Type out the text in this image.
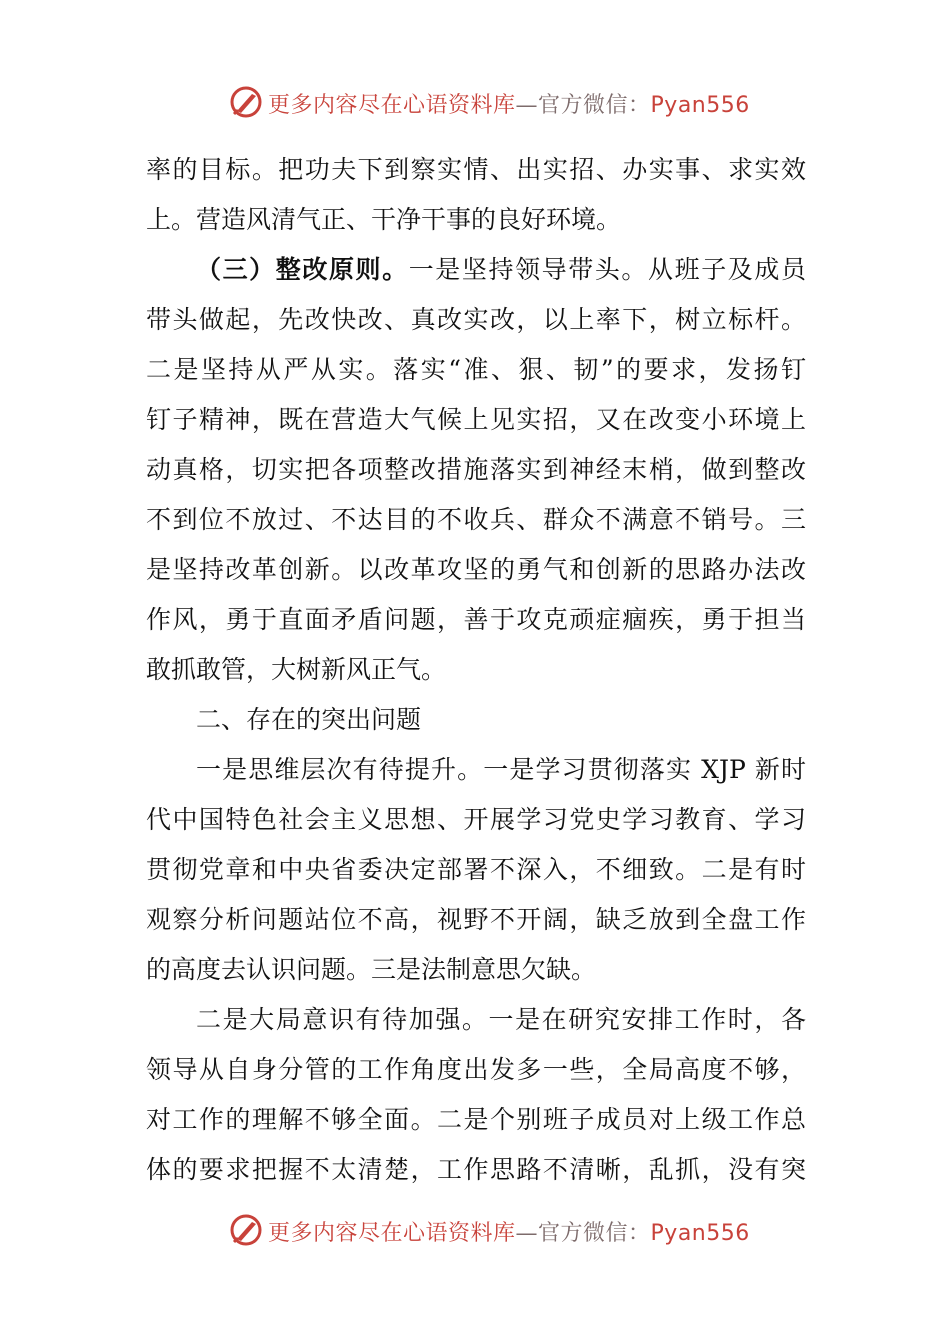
更多内容尽在心语资料库—官方微信：Pyan556
率的目标。把功夫下到察实情、出实招、办实事、求实效
上。营造风清气正、干净干事的良好环境。
（三）整改原则。一是坚持领导带头。从班子及成员
带头做起，先改快改、真改实改，以上率下，树立标杆。
二是坚持从严从实。落实“准、狠、韧”的要求，发扬钉
钉子精神，既在营造大气候上见实招，又在改变小环境上
动真格，切实把各项整改措施落实到神经末梢，做到整改
不到位不放过、不达目的不收兵、群众不满意不销号。三
是坚持改革创新。以改革攻坚的勇气和创新的思路办法改
作风，勇于直面矛盾问题，善于攻克顽症痼疾，勇于担当
敢抓敢管，大树新风正气。
二、存在的突出问题
一是思维层次有待提升。一是学习贯彻落实 XJP 新时
代中国特色社会主义思想、开展学习党史学习教育、学习
贯彻党章和中央省委决定部署不深入，不细致。二是有时
观察分析问题站位不高，视野不开阔，缺乏放到全盘工作
的高度去认识问题。三是法制意思欠缺。
二是大局意识有待加强。一是在研究安排工作时，各
领导从自身分管的工作角度出发多一些，全局高度不够，
对工作的理解不够全面。二是个别班子成员对上级工作总
体的要求把握不太清楚，工作思路不清晰，乱抓，没有突
更多内容尽在心语资料库—官方微信：Pyan556
